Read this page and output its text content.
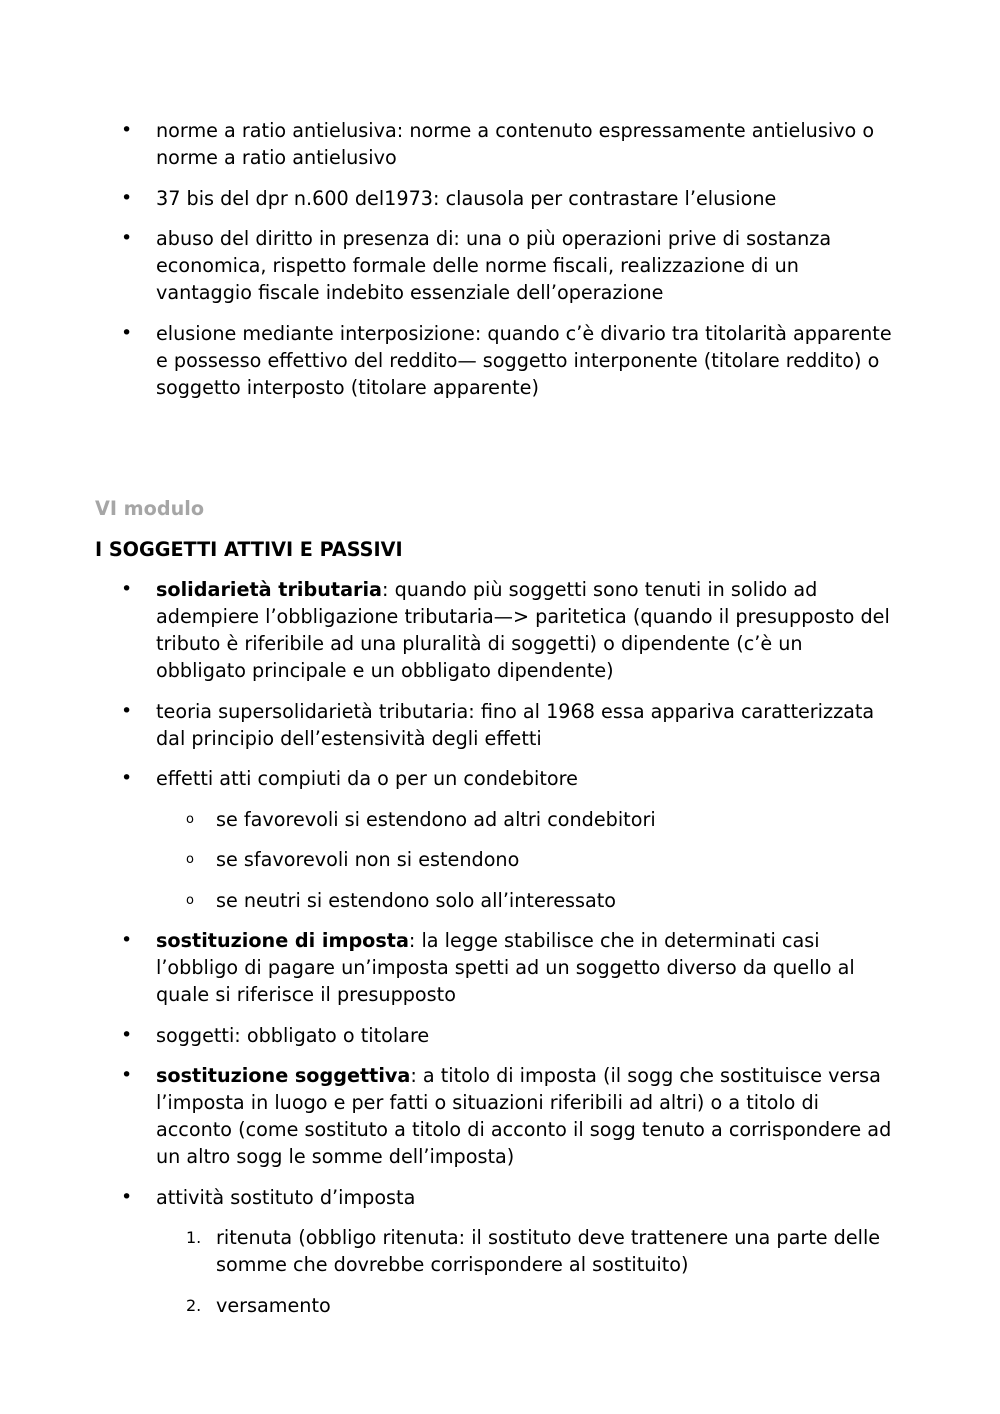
• norme a ratio antielusiva: norme a contenuto espressamente antielusivo o norme a ratio antielusivo
• 37 bis del dpr n.600 del1973: clausola per contrastare l’elusione
• abuso del diritto in presenza di: una o più operazioni prive di sostanza economica, rispetto formale delle norme fiscali, realizzazione di un vantaggio fiscale indebito essenziale dell’operazione
• elusione mediante interposizione: quando c’è divario tra titolarità apparente e possesso effettivo del reddito— soggetto interponente (titolare reddito) o soggetto interposto (titolare apparente)
VI modulo
I SOGGETTI ATTIVI E PASSIVI
• solidarietà tributaria: quando più soggetti sono tenuti in solido ad adempiere l’obbligazione tributaria—> paritetica (quando il presupposto del tributo è riferibile ad una pluralità di soggetti) o dipendente (c’è un obbligato principale e un obbligato dipendente)
• teoria supersolidarietà tributaria: fino al 1968 essa appariva caratterizzata dal principio dell’estensività degli effetti
• effetti atti compiuti da o per un condebitore
o se favorevoli si estendono ad altri condebitori
o se sfavorevoli non si estendono
o se neutri si estendono solo all’interessato
• sostituzione di imposta: la legge stabilisce che in determinati casi l’obbligo di pagare un’imposta spetti ad un soggetto diverso da quello al quale si riferisce il presupposto
• soggetti: obbligato o titolare
• sostituzione soggettiva: a titolo di imposta (il sogg che sostituisce versa l’imposta in luogo e per fatti o situazioni riferibili ad altri) o a titolo di acconto (come sostituto a titolo di acconto il sogg tenuto a corrispondere ad un altro sogg le somme dell’imposta)
• attività sostituto d’imposta
1. ritenuta (obbligo ritenuta: il sostituto deve trattenere una parte delle somme che dovrebbe corrispondere al sostituito)
2. versamento
